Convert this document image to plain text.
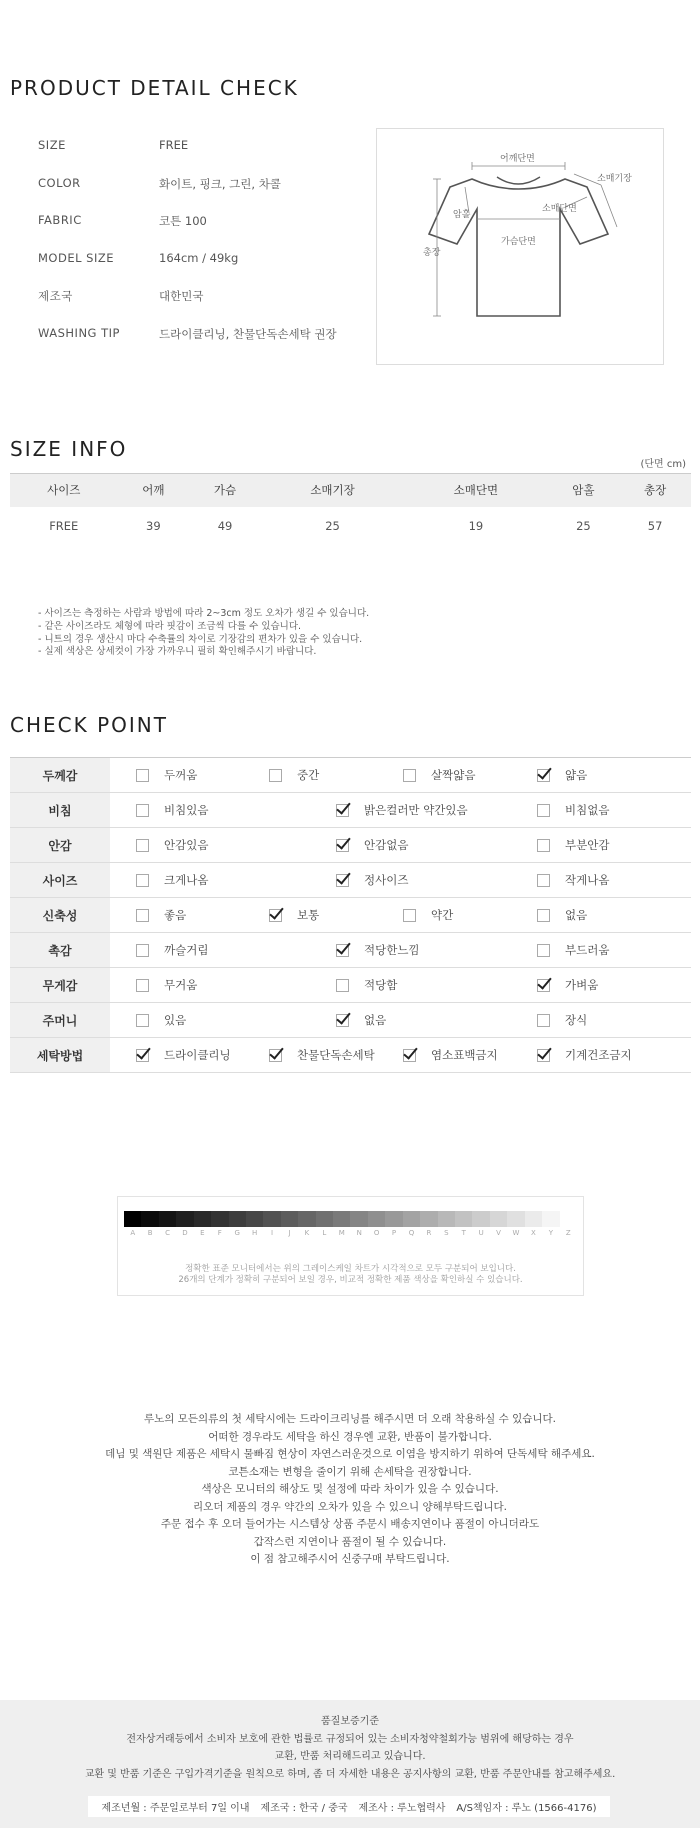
PRODUCT DETAIL CHECK
SIZE	FREE
COLOR	화이트, 핑크, 그린, 차콜
FABRIC	코튼 100
MODEL SIZE	164cm / 49kg
제조국	대한민국
WASHING TIP	드라이클리닝, 찬물단독손세탁 권장
어깨단면
소매기장
소매단면
암홀
가슴단면
총장
SIZE INFO
(단면 cm)
사이즈	어깨	가슴	소매기장	소매단면	암홀	총장
FREE	39	49	25	19	25	57
- 사이즈는 측정하는 사람과 방법에 따라 2~3cm 정도 오차가 생길 수 있습니다.
- 같은 사이즈라도 체형에 따라 핏감이 조금씩 다를 수 있습니다.
- 니트의 경우 생산시 마다 수축률의 차이로 기장감의 편차가 있을 수 있습니다.
- 실제 색상은 상세컷이 가장 가까우니 필히 확인해주시기 바랍니다.
CHECK POINT
두께감	두꺼움	중간	살짝얇음	얇음
비침	비침있음	밝은컬러만 약간있음	비침없음
안감	안감있음	안감없음	부분안감
사이즈	크게나옴	정사이즈	작게나옴
신축성	좋음	보통	약간	없음
촉감	까슬거림	적당한느낌	부드러움
무게감	무거움	적당함	가벼움
주머니	있음	없음	장식
세탁방법	드라이클리닝	찬물단독손세탁	염소표백금지	기계건조금지
A	B	C	D	E	F	G	H	I	J	K	L	M	N	O	P	Q	R	S	T	U	V	W	X	Y	Z
정확한 표준 모니터에서는 위의 그레이스케일 차트가 시각적으로 모두 구분되어 보입니다.
26개의 단계가 정확히 구분되어 보일 경우, 비교적 정확한 제품 색상을 확인하실 수 있습니다.
루노의 모든의류의 첫 세탁시에는 드라이크리닝를 해주시면 더 오래 착용하실 수 있습니다.
어떠한 경우라도 세탁을 하신 경우엔 교환, 반품이 불가합니다.
데님 및 색원단 제품은 세탁시 물빠짐 현상이 자연스러운것으로 이염을 방지하기 위하여 단독세탁 해주세요.
코튼소재는 변형을 줄이기 위해 손세탁을 권장합니다.
색상은 모니터의 해상도 및 설정에 따라 차이가 있을 수 있습니다.
리오더 제품의 경우 약간의 오차가 있을 수 있으니 양해부탁드립니다.
주문 접수 후 오더 들어가는 시스템상 상품 주문시 배송지연이나 품절이 아니더라도
갑작스런 지연이나 품절이 될 수 있습니다.
이 점 참고해주시어 신중구매 부탁드립니다.
품질보증기준
전자상거래등에서 소비자 보호에 관한 법률로 규정되어 있는 소비자청약철회가능 범위에 해당하는 경우
교환, 반품 처리해드리고 있습니다.
교환 및 반품 기준은 구입가격기준을 원칙으로 하며, 좀 더 자세한 내용은 공지사항의 교환, 반품 주문안내를 참고해주세요.
제조년월 : 주문일로부터 7일 이내 제조국 : 한국 / 중국 제조사 : 루노협력사 A/S책임자 : 루노 (1566-4176)
